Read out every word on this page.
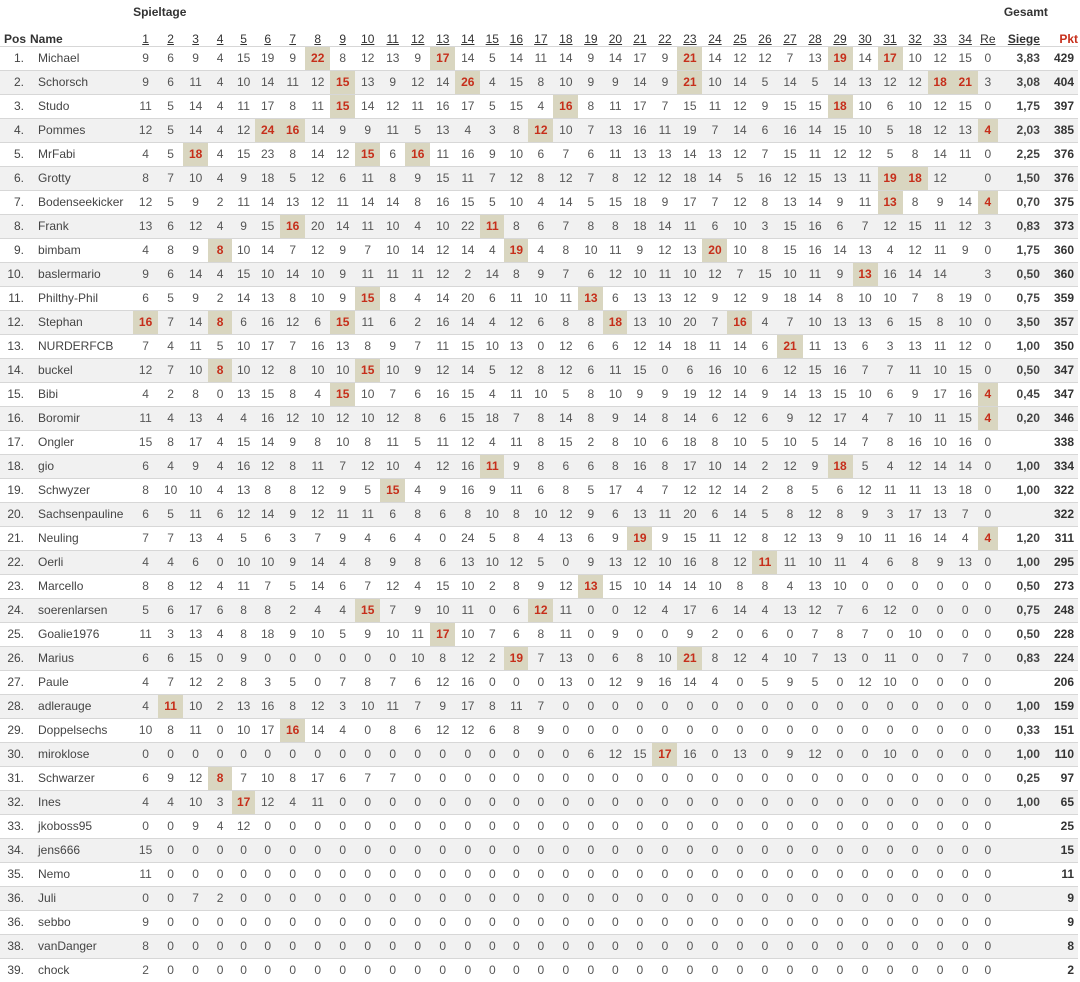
		Spieltage																																			Gesamt	
Pos	Name	1	2	3	4	5	6	7	8	9	10	11	12	13	14	15	16	17	18	19	20	21	22	23	24	25	26	27	28	29	30	31	32	33	34	Re	Siege	Pkt
1.	Michael	9	6	9	4	15	19	9	22	8	12	13	9	17	14	5	14	11	14	9	14	17	9	21	14	12	12	7	13	19	14	17	10	12	15	0	3,83	429
2.	Schorsch	9	6	11	4	10	14	11	12	15	13	9	12	14	26	4	15	8	10	9	9	14	9	21	10	14	5	14	5	14	13	12	12	18	21	3	3,08	404
3.	Studo	11	5	14	4	11	17	8	11	15	14	12	11	16	17	5	15	4	16	8	11	17	7	15	11	12	9	15	15	18	10	6	10	12	15	0	1,75	397
4.	Pommes	12	5	14	4	12	24	16	14	9	9	11	5	13	4	3	8	12	10	7	13	16	11	19	7	14	6	16	14	15	10	5	18	12	13	4	2,03	385
5.	MrFabi	4	5	18	4	15	23	8	14	12	15	6	16	11	16	9	10	6	7	6	11	13	13	14	13	12	7	15	11	12	12	5	8	14	11	0	2,25	376
6.	Grotty	8	7	10	4	9	18	5	12	6	11	8	9	15	11	7	12	8	12	7	8	12	12	18	14	5	16	12	15	13	11	19	18	12		0	1,50	376
7.	Bodenseekicker	12	5	9	2	11	14	13	12	11	14	14	8	16	15	5	10	4	14	5	15	18	9	17	7	12	8	13	14	9	11	13	8	9	14	4	0,70	375
8.	Frank	13	6	12	4	9	15	16	20	14	11	10	4	10	22	11	8	6	7	8	8	18	14	11	6	10	3	15	16	6	7	12	15	11	12	3	0,83	373
9.	bimbam	4	8	9	8	10	14	7	12	9	7	10	14	12	14	4	19	4	8	10	11	9	12	13	20	10	8	15	16	14	13	4	12	11	9	0	1,75	360
10.	baslermario	9	6	14	4	15	10	14	10	9	11	11	11	12	2	14	8	9	7	6	12	10	11	10	12	7	15	10	11	9	13	16	14	14		3	0,50	360
11.	Philthy-Phil	6	5	9	2	14	13	8	10	9	15	8	4	14	20	6	11	10	11	13	6	13	13	12	9	12	9	18	14	8	10	10	7	8	19	0	0,75	359
12.	Stephan	16	7	14	8	6	16	12	6	15	11	6	2	16	14	4	12	6	8	8	18	13	10	20	7	16	4	7	10	13	13	6	15	8	10	0	3,50	357
13.	NURDERFCB	7	4	11	5	10	17	7	16	13	8	9	7	11	15	10	13	0	12	6	6	12	14	18	11	14	6	21	11	13	6	3	13	11	12	0	1,00	350
14.	buckel	12	7	10	8	10	12	8	10	10	15	10	9	12	14	5	12	8	12	6	11	15	0	6	16	10	6	12	15	16	7	7	11	10	15	0	0,50	347
15.	Bibi	4	2	8	0	13	15	8	4	15	10	7	6	16	15	4	11	10	5	8	10	9	9	19	12	14	9	14	13	15	10	6	9	17	16	4	0,45	347
16.	Boromir	11	4	13	4	4	16	12	10	12	10	12	8	6	15	18	7	8	14	8	9	14	8	14	6	12	6	9	12	17	4	7	10	11	15	4	0,20	346
17.	Ongler	15	8	17	4	15	14	9	8	10	8	11	5	11	12	4	11	8	15	2	8	10	6	18	8	10	5	10	5	14	7	8	16	10	16	0		338
18.	gio	6	4	9	4	16	12	8	11	7	12	10	4	12	16	11	9	8	6	6	8	16	8	17	10	14	2	12	9	18	5	4	12	14	14	0	1,00	334
19.	Schwyzer	8	10	10	4	13	8	8	12	9	5	15	4	9	16	9	11	6	8	5	17	4	7	12	12	14	2	8	5	6	12	11	11	13	18	0	1,00	322
20.	Sachsenpauline	6	5	11	6	12	14	9	12	11	11	6	8	6	8	10	8	10	12	9	6	13	11	20	6	14	5	8	12	8	9	3	17	13	7	0		322
21.	Neuling	7	7	13	4	5	6	3	7	9	4	6	4	0	24	5	8	4	13	6	9	19	9	15	11	12	8	12	13	9	10	11	16	14	4	4	1,20	311
22.	Oerli	4	4	6	0	10	10	9	14	4	8	9	8	6	13	10	12	5	0	9	13	12	10	16	8	12	11	11	10	11	4	6	8	9	13	0	1,00	295
23.	Marcello	8	8	12	4	11	7	5	14	6	7	12	4	15	10	2	8	9	12	13	15	10	14	14	10	8	8	4	13	10	0	0	0	0	0	0	0,50	273
24.	soerenlarsen	5	6	17	6	8	8	2	4	4	15	7	9	10	11	0	6	12	11	0	0	12	4	17	6	14	4	13	12	7	6	12	0	0	0	0	0,75	248
25.	Goalie1976	11	3	13	4	8	18	9	10	5	9	10	11	17	10	7	6	8	11	0	9	0	0	9	2	0	6	0	7	8	7	0	10	0	0	0	0,50	228
26.	Marius	6	6	15	0	9	0	0	0	0	0	0	10	8	12	2	19	7	13	0	6	8	10	21	8	12	4	10	7	13	0	11	0	0	7	0	0,83	224
27.	Paule	4	7	12	2	8	3	5	0	7	8	7	6	12	16	0	0	0	13	0	12	9	16	14	4	0	5	9	5	0	12	10	0	0	0	0		206
28.	adlerauge	4	11	10	2	13	16	8	12	3	10	11	7	9	17	8	11	7	0	0	0	0	0	0	0	0	0	0	0	0	0	0	0	0	0	0	1,00	159
29.	Doppelsechs	10	8	11	0	10	17	16	14	4	0	8	6	12	12	6	8	9	0	0	0	0	0	0	0	0	0	0	0	0	0	0	0	0	0	0	0,33	151
30.	miroklose	0	0	0	0	0	0	0	0	0	0	0	0	0	0	0	0	0	0	6	12	15	17	16	0	13	0	9	12	0	0	10	0	0	0	0	1,00	110
31.	Schwarzer	6	9	12	8	7	10	8	17	6	7	7	0	0	0	0	0	0	0	0	0	0	0	0	0	0	0	0	0	0	0	0	0	0	0	0	0,25	97
32.	Ines	4	4	10	3	17	12	4	11	0	0	0	0	0	0	0	0	0	0	0	0	0	0	0	0	0	0	0	0	0	0	0	0	0	0	0	1,00	65
33.	jkoboss95	0	0	9	4	12	0	0	0	0	0	0	0	0	0	0	0	0	0	0	0	0	0	0	0	0	0	0	0	0	0	0	0	0	0	0		25
34.	jens666	15	0	0	0	0	0	0	0	0	0	0	0	0	0	0	0	0	0	0	0	0	0	0	0	0	0	0	0	0	0	0	0	0	0	0		15
35.	Nemo	11	0	0	0	0	0	0	0	0	0	0	0	0	0	0	0	0	0	0	0	0	0	0	0	0	0	0	0	0	0	0	0	0	0	0		11
36.	Juli	0	0	7	2	0	0	0	0	0	0	0	0	0	0	0	0	0	0	0	0	0	0	0	0	0	0	0	0	0	0	0	0	0	0	0		9
36.	sebbo	9	0	0	0	0	0	0	0	0	0	0	0	0	0	0	0	0	0	0	0	0	0	0	0	0	0	0	0	0	0	0	0	0	0	0		9
38.	vanDanger	8	0	0	0	0	0	0	0	0	0	0	0	0	0	0	0	0	0	0	0	0	0	0	0	0	0	0	0	0	0	0	0	0	0	0		8
39.	chock	2	0	0	0	0	0	0	0	0	0	0	0	0	0	0	0	0	0	0	0	0	0	0	0	0	0	0	0	0	0	0	0	0	0	0		2
